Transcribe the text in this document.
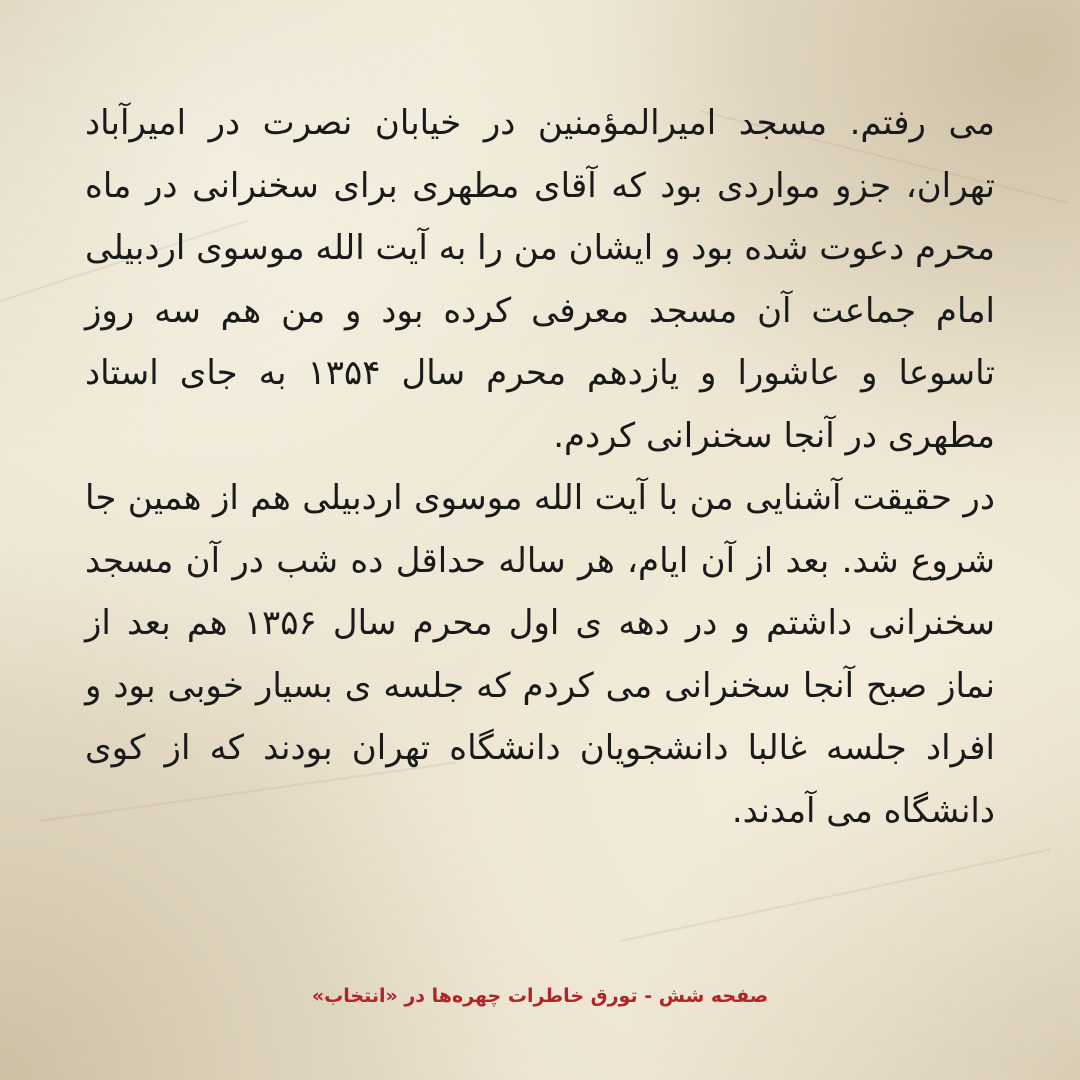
می رفتم. مسجد امیرالمؤمنین در خیابان نصرت در امیرآباد تهران، جزو مواردی بود که آقای مطهری برای سخنرانی در ماه محرم دعوت شده بود و ایشان من را به آیت الله موسوی اردبیلی امام جماعت آن مسجد معرفی کرده بود و من هم سه روز تاسوعا و عاشورا و یازدهم محرم سال ۱۳۵۴ به جای استاد مطهری در آنجا سخنرانی کردم.

در حقیقت آشنایی من با آیت الله موسوی اردبیلی هم از همین جا شروع شد. بعد از آن ایام، هر ساله حداقل ده شب در آن مسجد سخنرانی داشتم و در دهه ی اول محرم سال ۱۳۵۶ هم بعد از نماز صبح آنجا سخنرانی می کردم که جلسه ی بسیار خوبی بود و افراد جلسه غالبا دانشجویان دانشگاه تهران بودند که از کوی دانشگاه می آمدند.

صفحه شش - تورق خاطرات چهره‌ها در «انتخاب»
